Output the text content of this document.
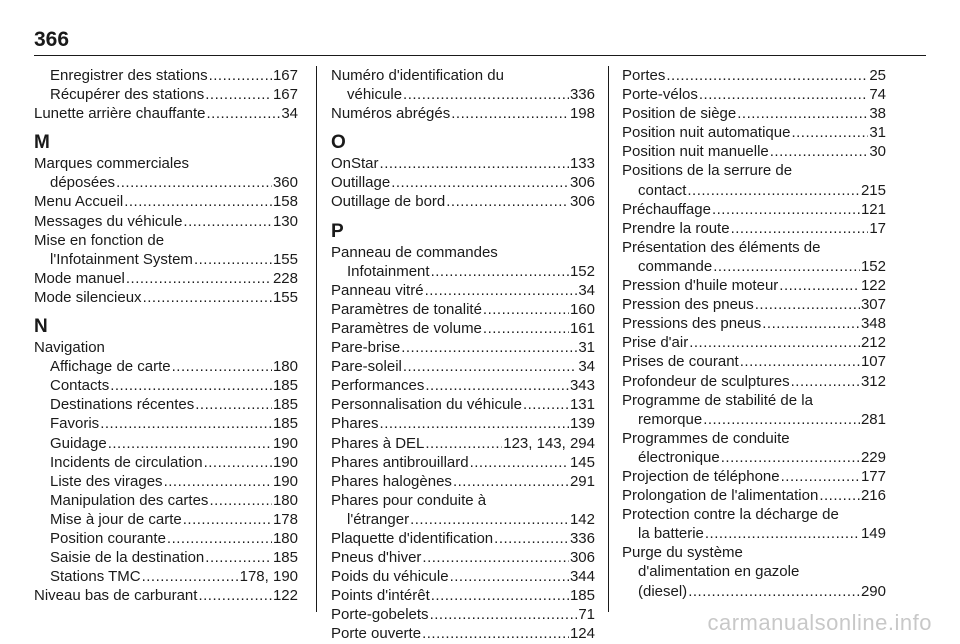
366
Enregistrer des stations .....	167
Récupérer des stations .....	167
Lunette arrière chauffante .....	34
M
Marques commerciales
déposées .....	360
Menu Accueil .....	158
Messages du véhicule .....	130
Mise en fonction de
l'Infotainment System .....	155
Mode manuel .....	228
Mode silencieux .....	155
N
Navigation
Affichage de carte .....	180
Contacts .....	185
Destinations récentes .....	185
Favoris .....	185
Guidage .....	190
Incidents de circulation .....	190
Liste des virages .....	190
Manipulation des cartes .....	180
Mise à jour de carte .....	178
Position courante .....	180
Saisie de la destination .....	185
Stations TMC .....	178, 190
Niveau bas de carburant .....	122
Numéro d'identification du
véhicule .....	336
Numéros abrégés .....	198
O
OnStar .....	133
Outillage .....	306
Outillage de bord .....	306
P
Panneau de commandes
Infotainment .....	152
Panneau vitré .....	34
Paramètres de tonalité .....	160
Paramètres de volume .....	161
Pare-brise .....	31
Pare-soleil .....	34
Performances .....	343
Personnalisation du véhicule .....	131
Phares .....	139
Phares à DEL .....	123, 143, 294
Phares antibrouillard .....	145
Phares halogènes .....	291
Phares pour conduite à
l'étranger .....	142
Plaquette d'identification .....	336
Pneus d'hiver .....	306
Poids du véhicule .....	344
Points d'intérêt .....	185
Porte-gobelets .....	71
Porte ouverte .....	124
Portes .....	25
Porte-vélos .....	74
Position de siège .....	38
Position nuit automatique .....	31
Position nuit manuelle .....	30
Positions de la serrure de
contact .....	215
Préchauffage .....	121
Prendre la route .....	17
Présentation des éléments de
commande .....	152
Pression d'huile moteur .....	122
Pression des pneus .....	307
Pressions des pneus .....	348
Prise d'air .....	212
Prises de courant .....	107
Profondeur de sculptures .....	312
Programme de stabilité de la
remorque .....	281
Programmes de conduite
électronique .....	229
Projection de téléphone .....	177
Prolongation de l'alimentation .....	216
Protection contre la décharge de
la batterie .....	149
Purge du système
d'alimentation en gazole
(diesel) .....	290
carmanualsonline.info
